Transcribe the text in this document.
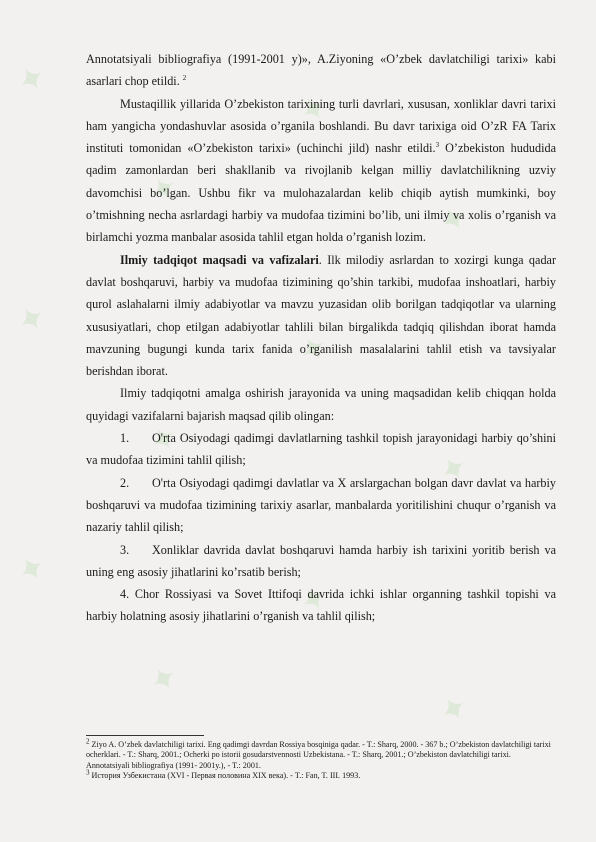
✦
✦
✦
✦
✦
✦
✦
✦
✦
✦
✦
✦

Annotatsiyali bibliografiya (1991-2001 y)», A.Ziyoning «O’zbek davlatchiligi tarixi» kabi asarlari chop etildi. $^2$

Mustaqillik yillarida O’zbekiston tarixining turli davrlari, xususan, xonliklar davri tarixi ham yangicha yondashuvlar asosida o’rganila boshlandi. Bu davr tarixiga oid O’zR FA Tarix instituti tomonidan «O’zbekiston tarixi» (uchinchi jild) nashr etildi.$^3$ O’zbekiston hududida qadim zamonlardan beri shakllanib va rivojlanib kelgan milliy davlatchilikning uzviy davomchisi bo’lgan. Ushbu fikr va mulohazalardan kelib chiqib aytish mumkinki, boy o’tmishning necha asrlardagi harbiy va mudofaa tizimini bo’lib, uni ilmiy va xolis o’rganish va birlamchi yozma manbalar asosida tahlil etgan holda o’rganish lozim.

Ilmiy tadqiqot maqsadi va vafizalari. Ilk milodiy asrlardan to xozirgi kunga qadar davlat boshqaruvi, harbiy va mudofaa tizimining qo’shin tarkibi, mudofaa inshoatlari, harbiy qurol aslahalarni ilmiy adabiyotlar va mavzu yuzasidan olib borilgan tadqiqotlar va ularning xususiyatlari, chop etilgan adabiyotlar tahlili bilan birgalikda tadqiq qilishdan iborat hamda mavzuning bugungi kunda tarix fanida o’rganilish masalalarini tahlil etish va tavsiyalar berishdan iborat.

Ilmiy tadqiqotni amalga oshirish jarayonida va uning maqsadidan kelib chiqqan holda quyidagi vazifalarni bajarish maqsad qilib olingan:

1. O'rta Osiyodagi qadimgi davlatlarning tashkil topish jarayonidagi harbiy qo’shini va mudofaa tizimini tahlil qilish;

2. O'rta Osiyodagi qadimgi davlatlar va X arslargachan bolgan davr davlat va harbiy boshqaruvi va mudofaa tizimining tarixiy asarlar, manbalarda yoritilishini chuqur o’rganish va nazariy tahlil qilish;

3. Xonliklar davrida davlat boshqaruvi hamda harbiy ish tarixini yoritib berish va uning eng asosiy jihatlarini ko’rsatib berish;

4. Chor Rossiyasi va Sovet Ittifoqi davrida ichki ishlar organning tashkil topishi va harbiy holatning asosiy jihatlarini o’rganish va tahlil qilish;

$^2$ Ziyo A. O’zbek davlatchiligi tarixi. Eng qadimgi davrdan Rossiya bosqiniga qadar. - T.: Sharq, 2000. - 367 b.; O’zbekiston davlatchiligi tarixi ocherklari. - T.: Sharq, 2001.; Ocherki po istorii gosudarstvennosti Uzbekistana. - T.: Sharq, 2001.; O’zbekiston davlatchiligi tarixi. Annotatsiyali bibliografiya (1991- 2001y.), - T.: 2001.

$^3$ История Узбекистана (XVI - Первая половина XIX века). - T.: Fan, T. III. 1993.
